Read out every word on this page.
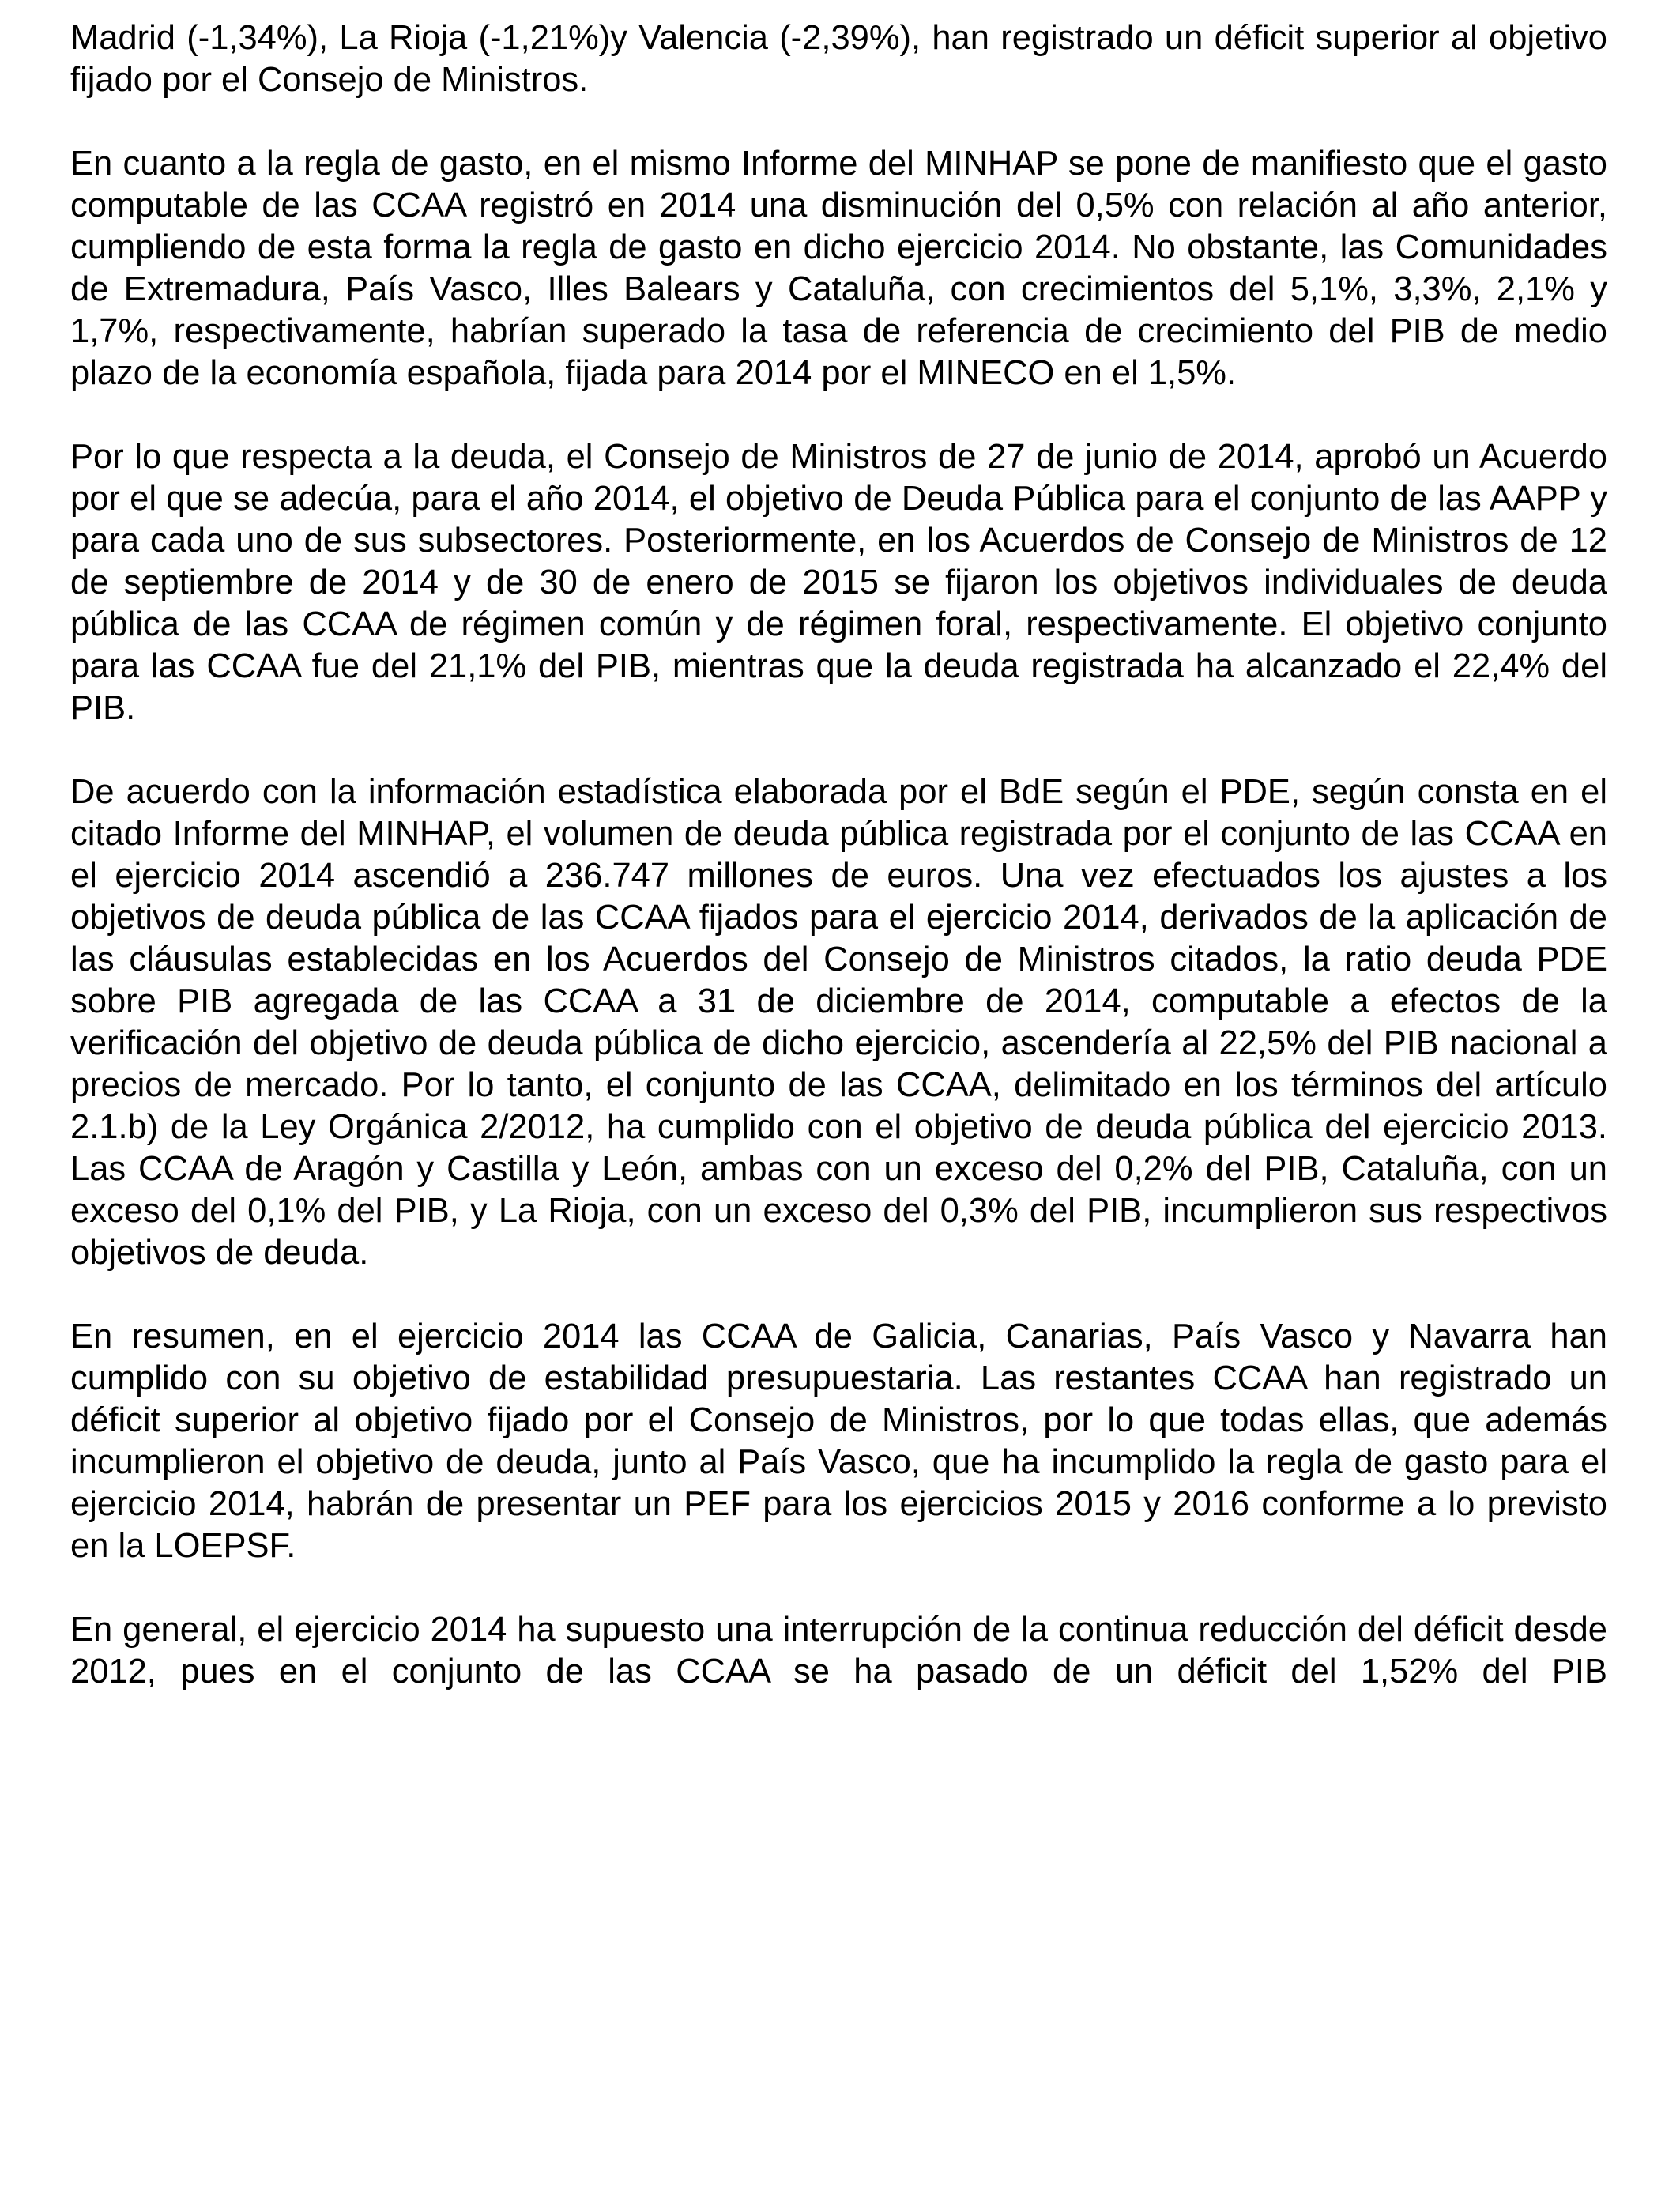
Madrid (-1,34%), La Rioja (-1,21%)y Valencia (-2,39%), han registrado un déficit superior al objetivo fijado por el Consejo de Ministros.

En cuanto a la regla de gasto, en el mismo Informe del MINHAP se pone de manifiesto que el gasto computable de las CCAA registró en 2014 una disminución del 0,5% con relación al año anterior, cumpliendo de esta forma la regla de gasto en dicho ejercicio 2014. No obstante, las Comunidades de Extremadura, País Vasco, Illes Balears y Cataluña, con crecimientos del 5,1%, 3,3%, 2,1% y 1,7%, respectivamente, habrían superado la tasa de referencia de crecimiento del PIB de medio plazo de la economía española, fijada para 2014 por el MINECO en el 1,5%.

Por lo que respecta a la deuda, el Consejo de Ministros de 27 de junio de 2014, aprobó un Acuerdo por el que se adecúa, para el año 2014, el objetivo de Deuda Pública para el conjunto de las AAPP y para cada uno de sus subsectores. Posteriormente, en los Acuerdos de Consejo de Ministros de 12 de septiembre de 2014 y de 30 de enero de 2015 se fijaron los objetivos individuales de deuda pública de las CCAA de régimen común y de régimen foral, respectivamente. El objetivo conjunto para las CCAA fue del 21,1% del PIB, mientras que la deuda registrada ha alcanzado el 22,4% del PIB.

De acuerdo con la información estadística elaborada por el BdE según el PDE, según consta en el citado Informe del MINHAP, el volumen de deuda pública registrada por el conjunto de las CCAA en el ejercicio 2014 ascendió a 236.747 millones de euros. Una vez efectuados los ajustes a los objetivos de deuda pública de las CCAA fijados para el ejercicio 2014, derivados de la aplicación de las cláusulas establecidas en los Acuerdos del Consejo de Ministros citados, la ratio deuda PDE sobre PIB agregada de las CCAA a 31 de diciembre de 2014, computable a efectos de la verificación del objetivo de deuda pública de dicho ejercicio, ascendería al 22,5% del PIB nacional a precios de mercado. Por lo tanto, el conjunto de las CCAA, delimitado en los términos del artículo 2.1.b) de la Ley Orgánica 2/2012, ha cumplido con el objetivo de deuda pública del ejercicio 2013. Las CCAA de Aragón y Castilla y León, ambas con un exceso del 0,2% del PIB, Cataluña, con un exceso del 0,1% del PIB, y La Rioja, con un exceso del 0,3% del PIB, incumplieron sus respectivos objetivos de deuda.

En resumen, en el ejercicio 2014 las CCAA de Galicia, Canarias, País Vasco y Navarra han cumplido con su objetivo de estabilidad presupuestaria. Las restantes CCAA han registrado un déficit superior al objetivo fijado por el Consejo de Ministros, por lo que todas ellas, que además incumplieron el objetivo de deuda, junto al País Vasco, que ha incumplido la regla de gasto para el ejercicio 2014, habrán de presentar un PEF para los ejercicios 2015 y 2016 conforme a lo previsto en la LOEPSF.

En general, el ejercicio 2014 ha supuesto una interrupción de la continua reducción del déficit desde 2012, pues en el conjunto de las CCAA se ha pasado de un déficit del 1,52% del PIB
